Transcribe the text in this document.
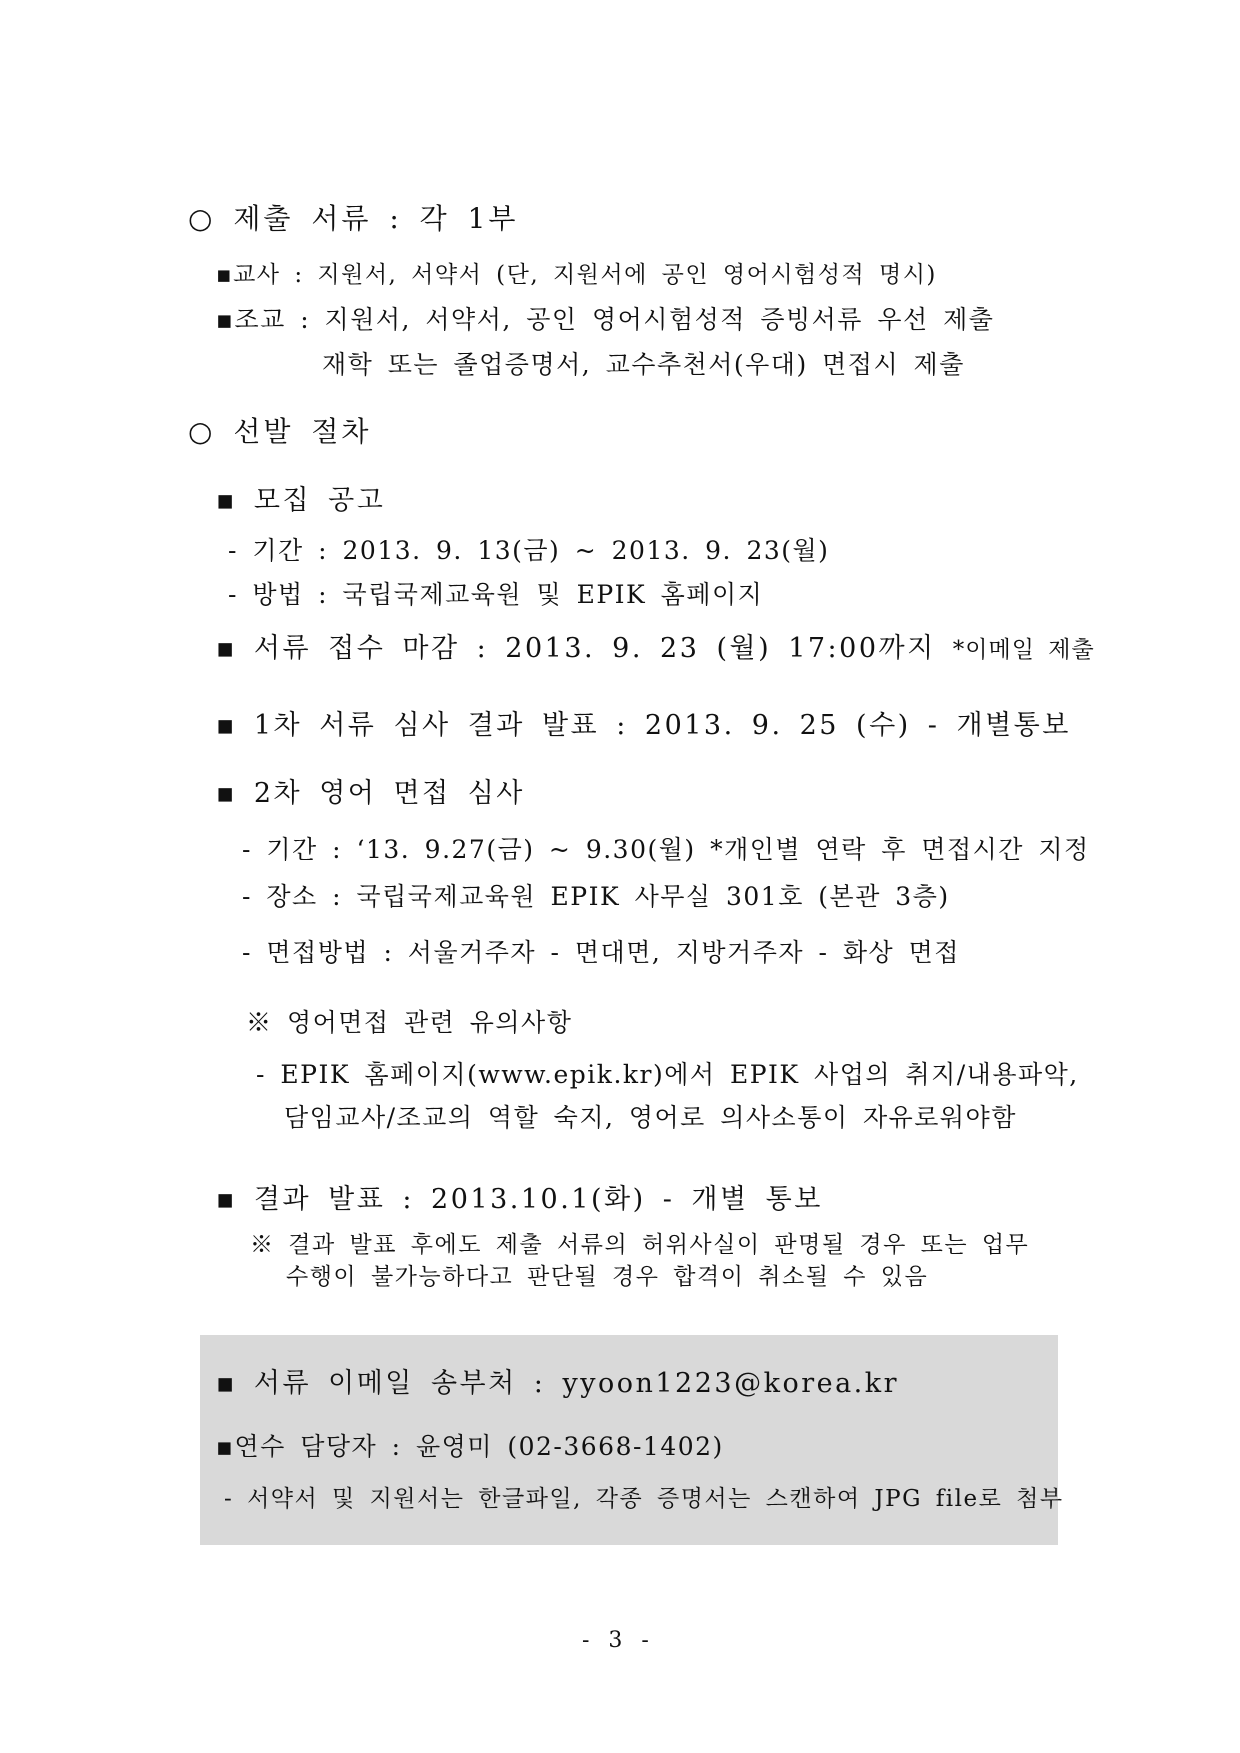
○ 제출 서류 : 각 1부
▪교사 : 지원서, 서약서 (단, 지원서에 공인 영어시험성적 명시)
▪조교 : 지원서, 서약서, 공인 영어시험성적 증빙서류 우선 제출
재학 또는 졸업증명서, 교수추천서(우대) 면접시 제출
○ 선발 절차
▪ 모집 공고
- 기간 : 2013. 9. 13(금) ~ 2013. 9. 23(월)
- 방법 : 국립국제교육원 및 EPIK 홈페이지
▪ 서류 접수 마감 : 2013. 9. 23 (월) 17:00까지 *이메일 제출
▪ 1차 서류 심사 결과 발표 : 2013. 9. 25 (수) - 개별통보
▪ 2차 영어 면접 심사
- 기간 : ‘13. 9.27(금) ~ 9.30(월) *개인별 연락 후 면접시간 지정
- 장소 : 국립국제교육원 EPIK 사무실 301호 (본관 3층)
- 면접방법 : 서울거주자 - 면대면, 지방거주자 - 화상 면접
※ 영어면접 관련 유의사항
- EPIK 홈페이지(www.epik.kr)에서 EPIK 사업의 취지/내용파악,
담임교사/조교의 역할 숙지, 영어로 의사소통이 자유로워야함
▪ 결과 발표 : 2013.10.1(화) - 개별 통보
※ 결과 발표 후에도 제출 서류의 허위사실이 판명될 경우 또는 업무
수행이 불가능하다고 판단될 경우 합격이 취소될 수 있음
▪ 서류 이메일 송부처 : yyoon1223@korea.kr
▪연수 담당자 : 윤영미 (02-3668-1402)
- 서약서 및 지원서는 한글파일, 각종 증명서는 스캔하여 JPG file로 첨부
- 3 -
